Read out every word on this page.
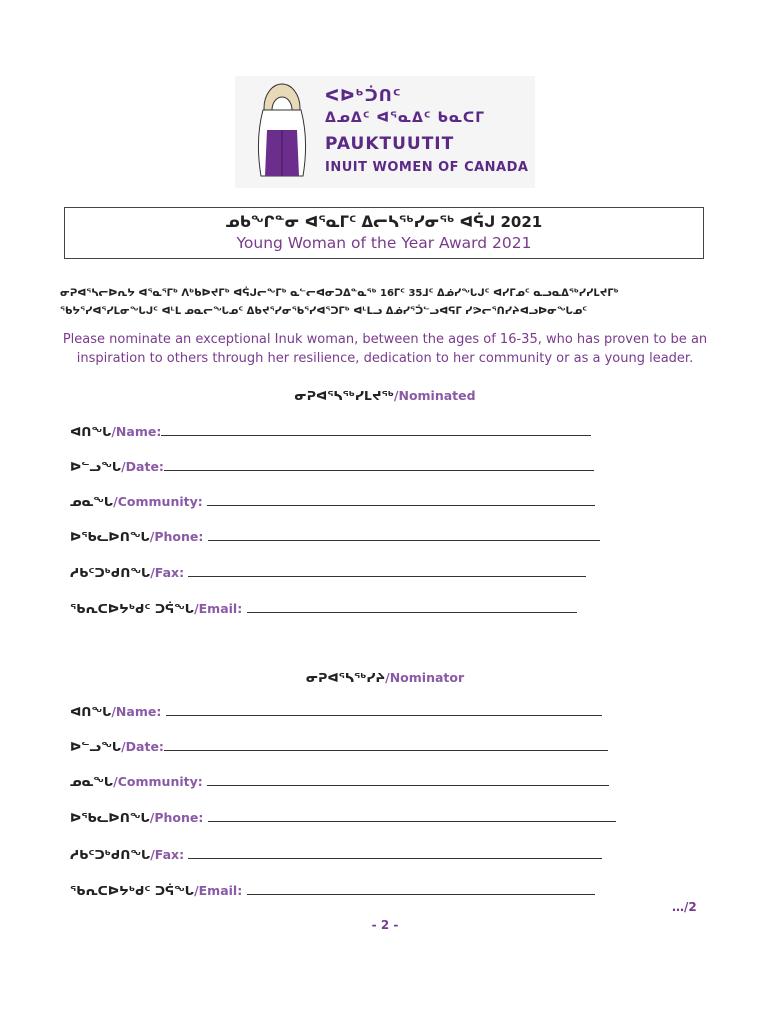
ᐸᐅᒃᑑᑎᑦ
ᐃᓄᐃᑦ ᐊᕐᓇᐃᑦ ᑲᓇᑕᒥ
PAUKTUUTIT
INUIT WOMEN OF CANADA
ᓄᑲᖏᓐᓂ ᐊᕐᓇᒥᑦ ᐃᓕᓴᖅᓯᓂᖅ ᐊᕌᒍ 2021
Young Woman of the Year Award 2021
ᓂᕈᐊᕐᓴᓕᐅᕆᔭ ᐊᕐᓇᕐᒥᒃ ᐱᒃᑲᐅᔪᒥᒃ ᐊᕌᒍᓕᖕᒥᒃ ᓇᓪᓕᐊᓂᑐᐃᓐᓇᖅ 16ᒥᑦ 35ᒧᑦ ᐃᓅᓯᖓᒍᑦ ᐊᓯᒥᓄᑦ ᓇᓗᓇᐃᖅᓯᓯᒪᔪᒥᒃ
ᖃᔭᕐᓯᐊᕐᓯᒪᓂᖓᒍᑦ ᐊᒻᒪ ᓄᓇᓕᖓᓄᑦ ᐃᑲᔪᕐᓯᓂᖃᕐᓯᐊᕐᑐᒥᒃ ᐊᒻᒪᓗ ᐃᓅᓯᕐᑑᓪᓗᐊᕋᒥ ᓯᕗᓕᕐᑎᓯᔨᐊᓗᐅᓂᖓᓄᑦ
Please nominate an exceptional Inuk woman, between the ages of 16-35, who has proven to be an
inspiration to others through her resilience, dedication to her community or as a young leader.
ᓂᕈᐊᕐᓴᖅᓯᒪᔪᖅ/Nominated
ᐊᑎᖓ/Name:
ᐅᓪᓗᖓ/Date:
ᓄᓇᖓ/Community:
ᐅᖃᓚᐅᑎᖓ/Phone:
ᓱᑲᑦᑐᒃᑯᑎᖓ/Fax:
ᖃᕆᑕᐅᔭᒃᑯᑦ ᑐᕌᖓ/Email:
ᓂᕈᐊᕐᓴᖅᓯᔨ/Nominator
ᐊᑎᖓ/Name:
ᐅᓪᓗᖓ/Date:
ᓄᓇᖓ/Community:
ᐅᖃᓚᐅᑎᖓ/Phone:
ᓱᑲᑦᑐᒃᑯᑎᖓ/Fax:
ᖃᕆᑕᐅᔭᒃᑯᑦ ᑐᕌᖓ/Email:
…/2
- 2 -
